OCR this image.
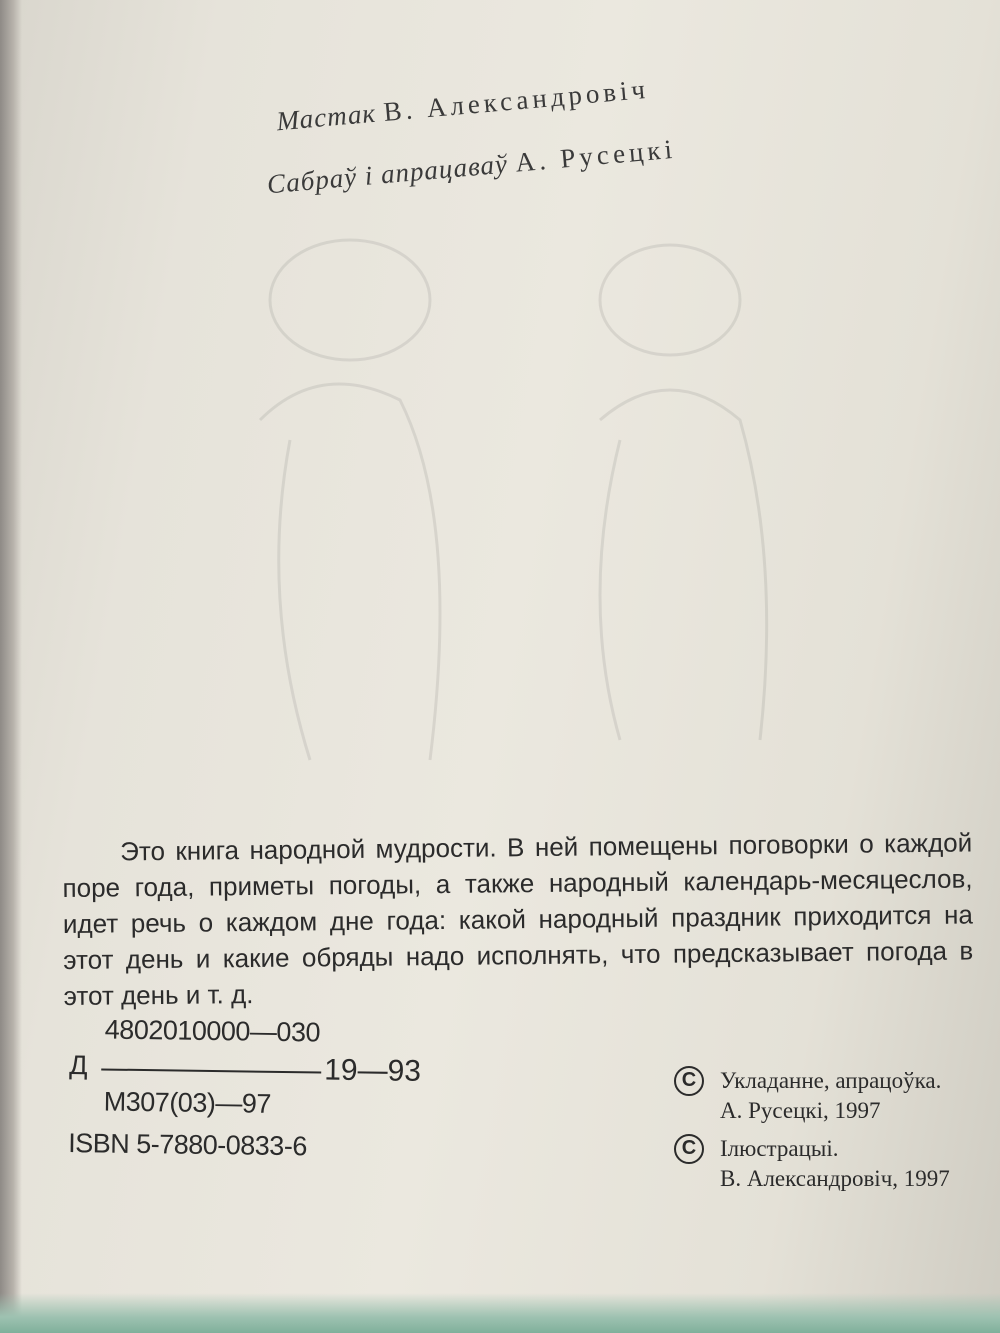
Мастак В. Александровіч
Сабраў і апрацаваў А. Русецкі

Это книга народной мудрости. В ней помещены поговорки о каждой поре года, приметы погоды, а также народный календарь-месяцеслов, идет речь о каждом дне года: какой народный праздник приходится на этот день и какие обряды надо исполнять, что предсказывает погода в этот день и т. д.

4802010000—030
Д	19—93
М307(03)—97
ISBN 5-7880-0833-6
C	Укладанне, апрацоўка.
А. Русецкі, 1997
C	Ілюстрацыі.
В. Александровіч, 1997
